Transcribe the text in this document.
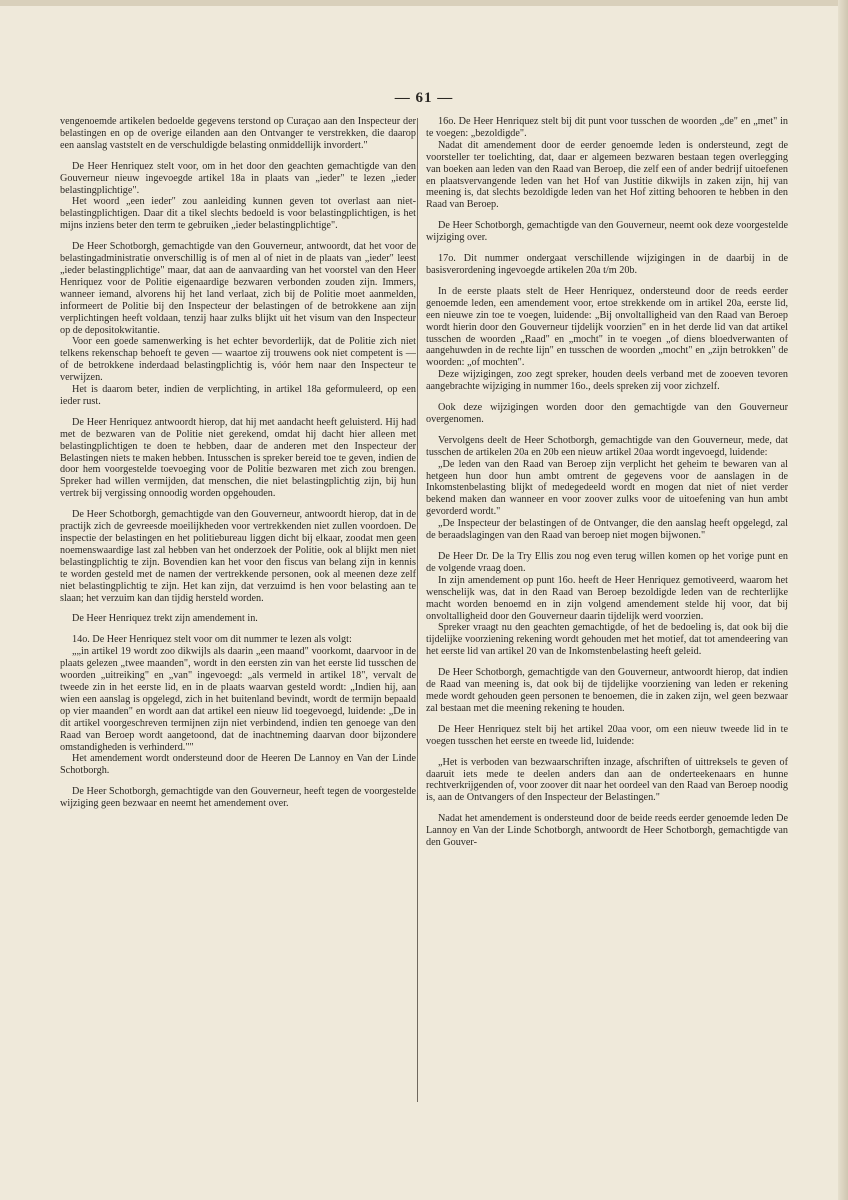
— 61 —

vengenoemde artikelen bedoelde gegevens terstond op Curaçao aan den Inspecteur der belastingen en op de overige eilanden aan den Ontvanger te verstrekken, die daarop een aanslag vaststelt en de verschuldigde belasting onmiddellijk invordert."

De Heer Henriquez stelt voor, om in het door den geachten gemachtigde van den Gouverneur nieuw ingevoegde artikel 18a in plaats van „ieder" te lezen „ieder belastingplichtige".

Het woord „een ieder" zou aanleiding kunnen geven tot overlast aan niet-belastingplichtigen. Daar dit a tikel slechts bedoeld is voor belastingplichtigen, is het mijns inziens beter den term te gebruiken „ieder belastingplichtige".

De Heer Schotborgh, gemachtigde van den Gouverneur, antwoordt, dat het voor de belastingadministratie onverschillig is of men al of niet in de plaats van „ieder" leest „ieder belastingplichtige" maar, dat aan de aanvaarding van het voorstel van den Heer Henriquez voor de Politie eigenaardige bezwaren verbonden zouden zijn. Immers, wanneer iemand, alvorens hij het land verlaat, zich bij de Politie moet aanmelden, informeert de Politie bij den Inspecteur der belastingen of de betrokkene aan zijn verplichtingen heeft voldaan, tenzij haar zulks blijkt uit het visum van den Inspecteur op de depositokwitantie.

Voor een goede samenwerking is het echter bevorderlijk, dat de Politie zich niet telkens rekenschap behoeft te geven — waartoe zij trouwens ook niet competent is — of de betrokkene inderdaad belastingplichtig is, vóór hem naar den Inspecteur te verwijzen.

Het is daarom beter, indien de verplichting, in artikel 18a geformuleerd, op een ieder rust.

De Heer Henriquez antwoordt hierop, dat hij met aandacht heeft geluisterd. Hij had met de bezwaren van de Politie niet gerekend, omdat hij dacht hier alleen met belastingplichtigen te doen te hebben, daar de anderen met den Inspecteur der Belastingen niets te maken hebben. Intusschen is spreker bereid toe te geven, indien de door hem voorgestelde toevoeging voor de Politie bezwaren met zich zou brengen. Spreker had willen vermijden, dat menschen, die niet belastingplichtig zijn, bij hun vertrek bij vergissing onnoodig worden opgehouden.

De Heer Schotborgh, gemachtigde van den Gouverneur, antwoordt hierop, dat in de practijk zich de gevreesde moeilijkheden voor vertrekkenden niet zullen voordoen. De inspectie der belastingen en het politiebureau liggen dicht bij elkaar, zoodat men geen noemenswaardige last zal hebben van het onderzoek der Politie, ook al blijkt men niet belastingplichtig te zijn. Bovendien kan het voor den fiscus van belang zijn in kennis te worden gesteld met de namen der vertrekkende personen, ook al meenen deze zelf niet belastingplichtig te zijn. Het kan zijn, dat verzuimd is hen voor belasting aan te slaan; het verzuim kan dan tijdig hersteld worden.

De Heer Henriquez trekt zijn amendement in.

14o. De Heer Henriquez stelt voor om dit nummer te lezen als volgt:

„„in artikel 19 wordt zoo dikwijls als daarin „een maand" voorkomt, daarvoor in de plaats gelezen „twee maanden", wordt in den eersten zin van het eerste lid tusschen de woorden „uitreiking" en „van" ingevoegd: „als vermeld in artikel 18", vervalt de tweede zin in het eerste lid, en in de plaats waarvan gesteld wordt: „Indien hij, aan wien een aanslag is opgelegd, zich in het buitenland bevindt, wordt de termijn bepaald op vier maanden" en wordt aan dat artikel een nieuw lid toegevoegd, luidende: „De in dit artikel voorgeschreven termijnen zijn niet verbindend, indien ten genoege van den Raad van Beroep wordt aangetoond, dat de inachtneming daarvan door bijzondere omstandigheden is verhinderd.""

Het amendement wordt ondersteund door de Heeren De Lannoy en Van der Linde Schotborgh.

De Heer Schotborgh, gemachtigde van den Gouverneur, heeft tegen de voorgestelde wijziging geen bezwaar en neemt het amendement over.

16o. De Heer Henriquez stelt bij dit punt voor tusschen de woorden „de" en „met" in te voegen: „bezoldigde".

Nadat dit amendement door de eerder genoemde leden is ondersteund, zegt de voorsteller ter toelichting, dat, daar er algemeen bezwaren bestaan tegen overlegging van boeken aan leden van den Raad van Beroep, die zelf een of ander bedrijf uitoefenen en plaatsvervangende leden van het Hof van Justitie dikwijls in zaken zijn, hij van meening is, dat slechts bezoldigde leden van het Hof zitting behooren te hebben in den Raad van Beroep.

De Heer Schotborgh, gemachtigde van den Gouverneur, neemt ook deze voorgestelde wijziging over.

17o. Dit nummer ondergaat verschillende wijzigingen in de daarbij in de basisverordening ingevoegde artikelen 20a t/m 20b.

In de eerste plaats stelt de Heer Henriquez, ondersteund door de reeds eerder genoemde leden, een amendement voor, ertoe strekkende om in artikel 20a, eerste lid, een nieuwe zin toe te voegen, luidende: „Bij onvoltalligheid van den Raad van Beroep wordt hierin door den Gouverneur tijdelijk voorzien" en in het derde lid van dat artikel tusschen de woorden „Raad" en „mocht" in te voegen „of diens bloedverwanten of aangehuwden in de rechte lijn" en tusschen de woorden „mocht" en „zijn betrokken" de woorden: „of mochten".

Deze wijzigingen, zoo zegt spreker, houden deels verband met de zooeven tevoren aangebrachte wijziging in nummer 16o., deels spreken zij voor zichzelf.

Ook deze wijzigingen worden door den gemachtigde van den Gouverneur overgenomen.

Vervolgens deelt de Heer Schotborgh, gemachtigde van den Gouverneur, mede, dat tusschen de artikelen 20a en 20b een nieuw artikel 20aa wordt ingevoegd, luidende:

„De leden van den Raad van Beroep zijn verplicht het geheim te bewaren van al hetgeen hun door hun ambt omtrent de gegevens voor de aanslagen in de Inkomstenbelasting blijkt of medegedeeld wordt en mogen dat niet of niet verder bekend maken dan wanneer en voor zoover zulks voor de uitoefening van hun ambt gevorderd wordt."

„De Inspecteur der belastingen of de Ontvanger, die den aanslag heeft opgelegd, zal de beraadslagingen van den Raad van beroep niet mogen bijwonen."

De Heer Dr. De la Try Ellis zou nog even terug willen komen op het vorige punt en de volgende vraag doen.

In zijn amendement op punt 16o. heeft de Heer Henriquez gemotiveerd, waarom het wenschelijk was, dat in den Raad van Beroep bezoldigde leden van de rechterlijke macht worden benoemd en in zijn volgend amendement stelde hij voor, dat bij onvoltalligheid door den Gouverneur daarin tijdelijk werd voorzien.

Spreker vraagt nu den geachten gemachtigde, of het de bedoeling is, dat ook bij die tijdelijke voorziening rekening wordt gehouden met het motief, dat tot amendeering van het eerste lid van artikel 20 van de Inkomstenbelasting heeft geleid.

De Heer Schotborgh, gemachtigde van den Gouverneur, antwoordt hierop, dat indien de Raad van meening is, dat ook bij de tijdelijke voorziening van leden er rekening mede wordt gehouden geen personen te benoemen, die in zaken zijn, wel geen bezwaar zal bestaan met die meening rekening te houden.

De Heer Henriquez stelt bij het artikel 20aa voor, om een nieuw tweede lid in te voegen tusschen het eerste en tweede lid, luidende:

„Het is verboden van bezwaarschriften inzage, afschriften of uittreksels te geven of daaruit iets mede te deelen anders dan aan de onderteekenaars en hunne rechtverkrijgenden of, voor zoover dit naar het oordeel van den Raad van Beroep noodig is, aan de Ontvangers of den Inspecteur der Belastingen."

Nadat het amendement is ondersteund door de beide reeds eerder genoemde leden De Lannoy en Van der Linde Schotborgh, antwoordt de Heer Schotborgh, gemachtigde van den Gouver-
